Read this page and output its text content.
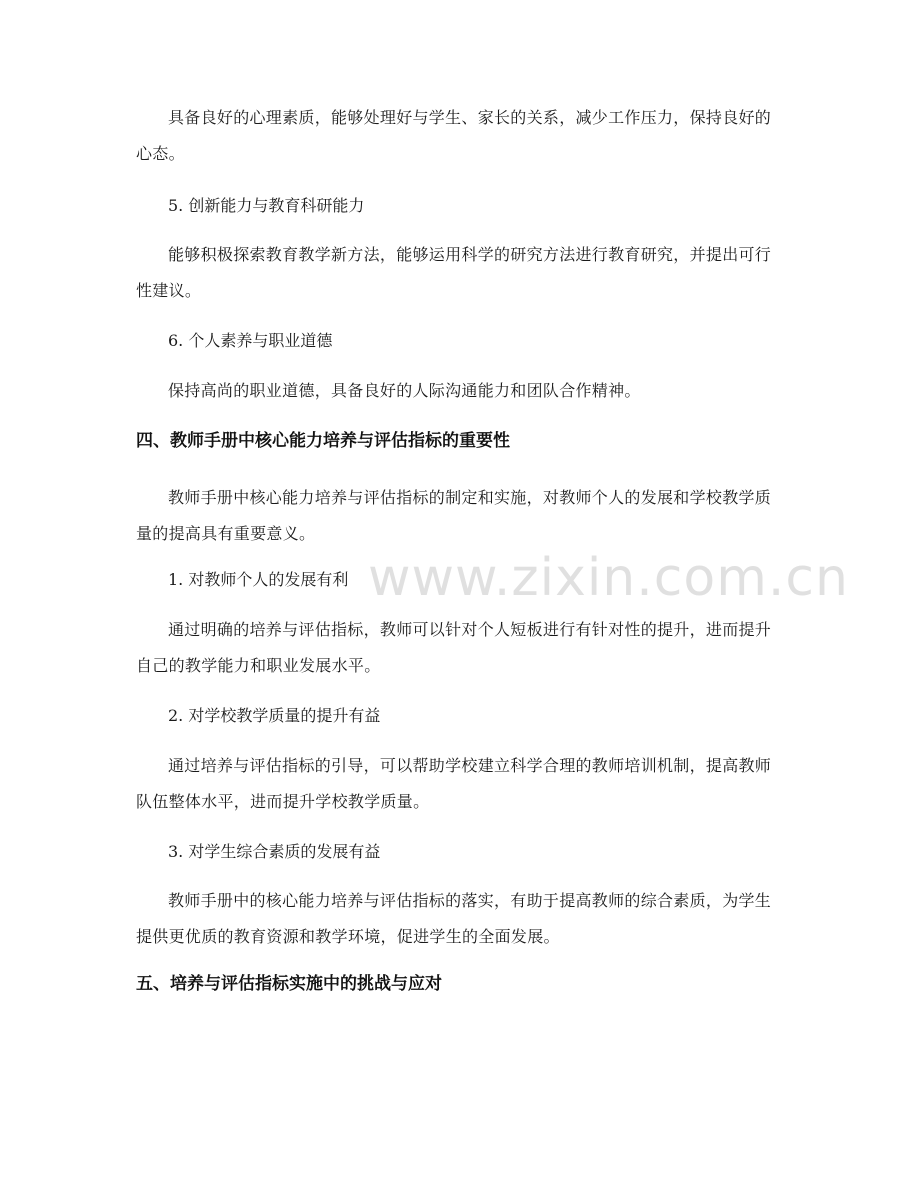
www.zixin.com.cn

具备良好的心理素质，能够处理好与学生、家长的关系，减少工作压力，保持良好的心态。

5. 创新能力与教育科研能力

能够积极探索教育教学新方法，能够运用科学的研究方法进行教育研究，并提出可行性建议。

6. 个人素养与职业道德

保持高尚的职业道德，具备良好的人际沟通能力和团队合作精神。

四、教师手册中核心能力培养与评估指标的重要性

教师手册中核心能力培养与评估指标的制定和实施，对教师个人的发展和学校教学质量的提高具有重要意义。

1. 对教师个人的发展有利

通过明确的培养与评估指标，教师可以针对个人短板进行有针对性的提升，进而提升自己的教学能力和职业发展水平。

2. 对学校教学质量的提升有益

通过培养与评估指标的引导，可以帮助学校建立科学合理的教师培训机制，提高教师队伍整体水平，进而提升学校教学质量。

3. 对学生综合素质的发展有益

教师手册中的核心能力培养与评估指标的落实，有助于提高教师的综合素质，为学生提供更优质的教育资源和教学环境，促进学生的全面发展。

五、培养与评估指标实施中的挑战与应对
